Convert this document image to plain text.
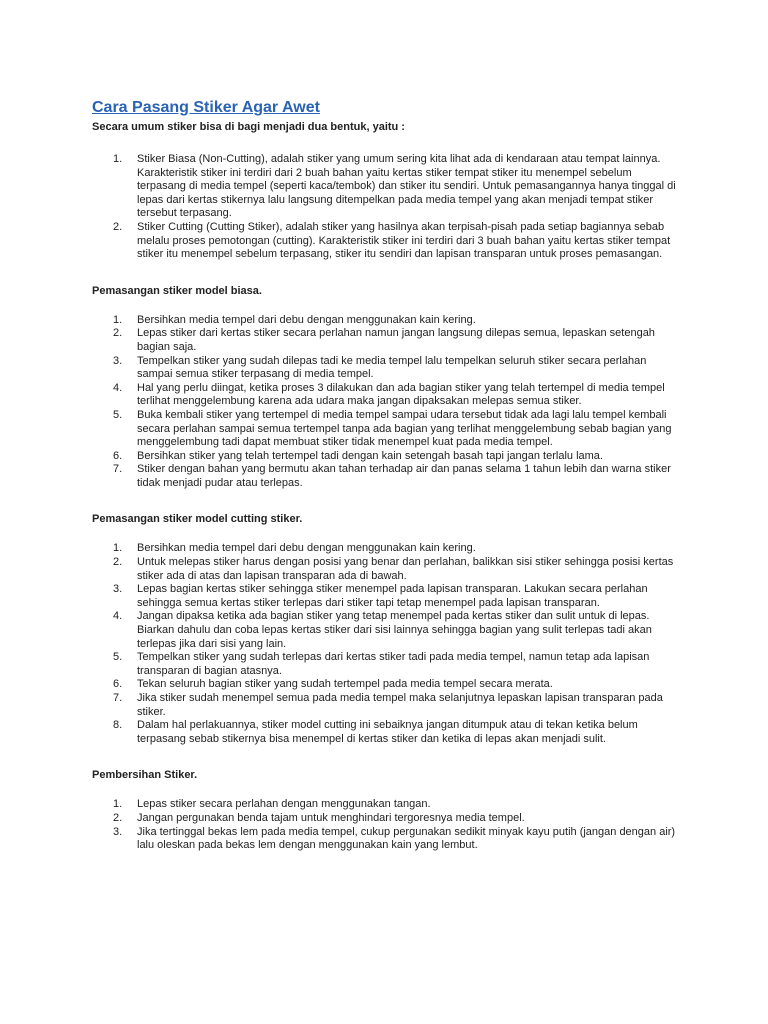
Cara Pasang Stiker Agar Awet

Secara umum stiker bisa di bagi menjadi dua bentuk, yaitu :

1. Stiker Biasa (Non-Cutting), adalah stiker yang umum sering kita lihat ada di kendaraan atau tempat lainnya. Karakteristik stiker ini terdiri dari 2 buah bahan yaitu kertas stiker tempat stiker itu menempel sebelum terpasang di media tempel (seperti kaca/tembok) dan stiker itu sendiri. Untuk pemasangannya hanya tinggal di lepas dari kertas stikernya lalu langsung ditempelkan pada media tempel yang akan menjadi tempat stiker tersebut terpasang.
2. Stiker Cutting (Cutting Stiker), adalah stiker yang hasilnya akan terpisah-pisah pada setiap bagiannya sebab melalu proses pemotongan (cutting). Karakteristik stiker ini terdiri dari 3 buah bahan yaitu kertas stiker tempat stiker itu menempel sebelum terpasang, stiker itu sendiri dan lapisan transparan untuk proses pemasangan.

Pemasangan stiker model biasa.

1. Bersihkan media tempel dari debu dengan menggunakan kain kering.
2. Lepas stiker dari kertas stiker secara perlahan namun jangan langsung dilepas semua, lepaskan setengah bagian saja.
3. Tempelkan stiker yang sudah dilepas tadi ke media tempel lalu tempelkan seluruh stiker secara perlahan sampai semua stiker terpasang di media tempel.
4. Hal yang perlu diingat, ketika proses 3 dilakukan dan ada bagian stiker yang telah tertempel di media tempel terlihat menggelembung karena ada udara maka jangan dipaksakan melepas semua stiker.
5. Buka kembali stiker yang tertempel di media tempel sampai udara tersebut tidak ada lagi lalu tempel kembali secara perlahan sampai semua tertempel tanpa ada bagian yang terlihat menggelembung sebab bagian yang menggelembung tadi dapat membuat stiker tidak menempel kuat pada media tempel.
6. Bersihkan stiker yang telah tertempel tadi dengan kain setengah basah tapi jangan terlalu lama.
7. Stiker dengan bahan yang bermutu akan tahan terhadap air dan panas selama 1 tahun lebih dan warna stiker tidak menjadi pudar atau terlepas.

Pemasangan stiker model cutting stiker.

1. Bersihkan media tempel dari debu dengan menggunakan kain kering.
2. Untuk melepas stiker harus dengan posisi yang benar dan perlahan, balikkan sisi stiker sehingga posisi kertas stiker ada di atas dan lapisan transparan ada di bawah.
3. Lepas bagian kertas stiker sehingga stiker menempel pada lapisan transparan. Lakukan secara perlahan sehingga semua kertas stiker terlepas dari stiker tapi tetap menempel pada lapisan transparan.
4. Jangan dipaksa ketika ada bagian stiker yang tetap menempel pada kertas stiker dan sulit untuk di lepas. Biarkan dahulu dan coba lepas kertas stiker dari sisi lainnya sehingga bagian yang sulit terlepas tadi akan terlepas jika dari sisi yang lain.
5. Tempelkan stiker yang sudah terlepas dari kertas stiker tadi pada media tempel, namun tetap ada lapisan transparan di bagian atasnya.
6. Tekan seluruh bagian stiker yang sudah tertempel pada media tempel secara merata.
7. Jika stiker sudah menempel semua pada media tempel maka selanjutnya lepaskan lapisan transparan pada stiker.
8. Dalam hal perlakuannya, stiker model cutting ini sebaiknya jangan ditumpuk atau di tekan ketika belum terpasang sebab stikernya bisa menempel di kertas stiker dan ketika di lepas akan menjadi sulit.

Pembersihan Stiker.

1. Lepas stiker secara perlahan dengan menggunakan tangan.
2. Jangan pergunakan benda tajam untuk menghindari tergoresnya media tempel.
3. Jika tertinggal bekas lem pada media tempel, cukup pergunakan sedikit minyak kayu putih (jangan dengan air) lalu oleskan pada bekas lem dengan menggunakan kain yang lembut.
